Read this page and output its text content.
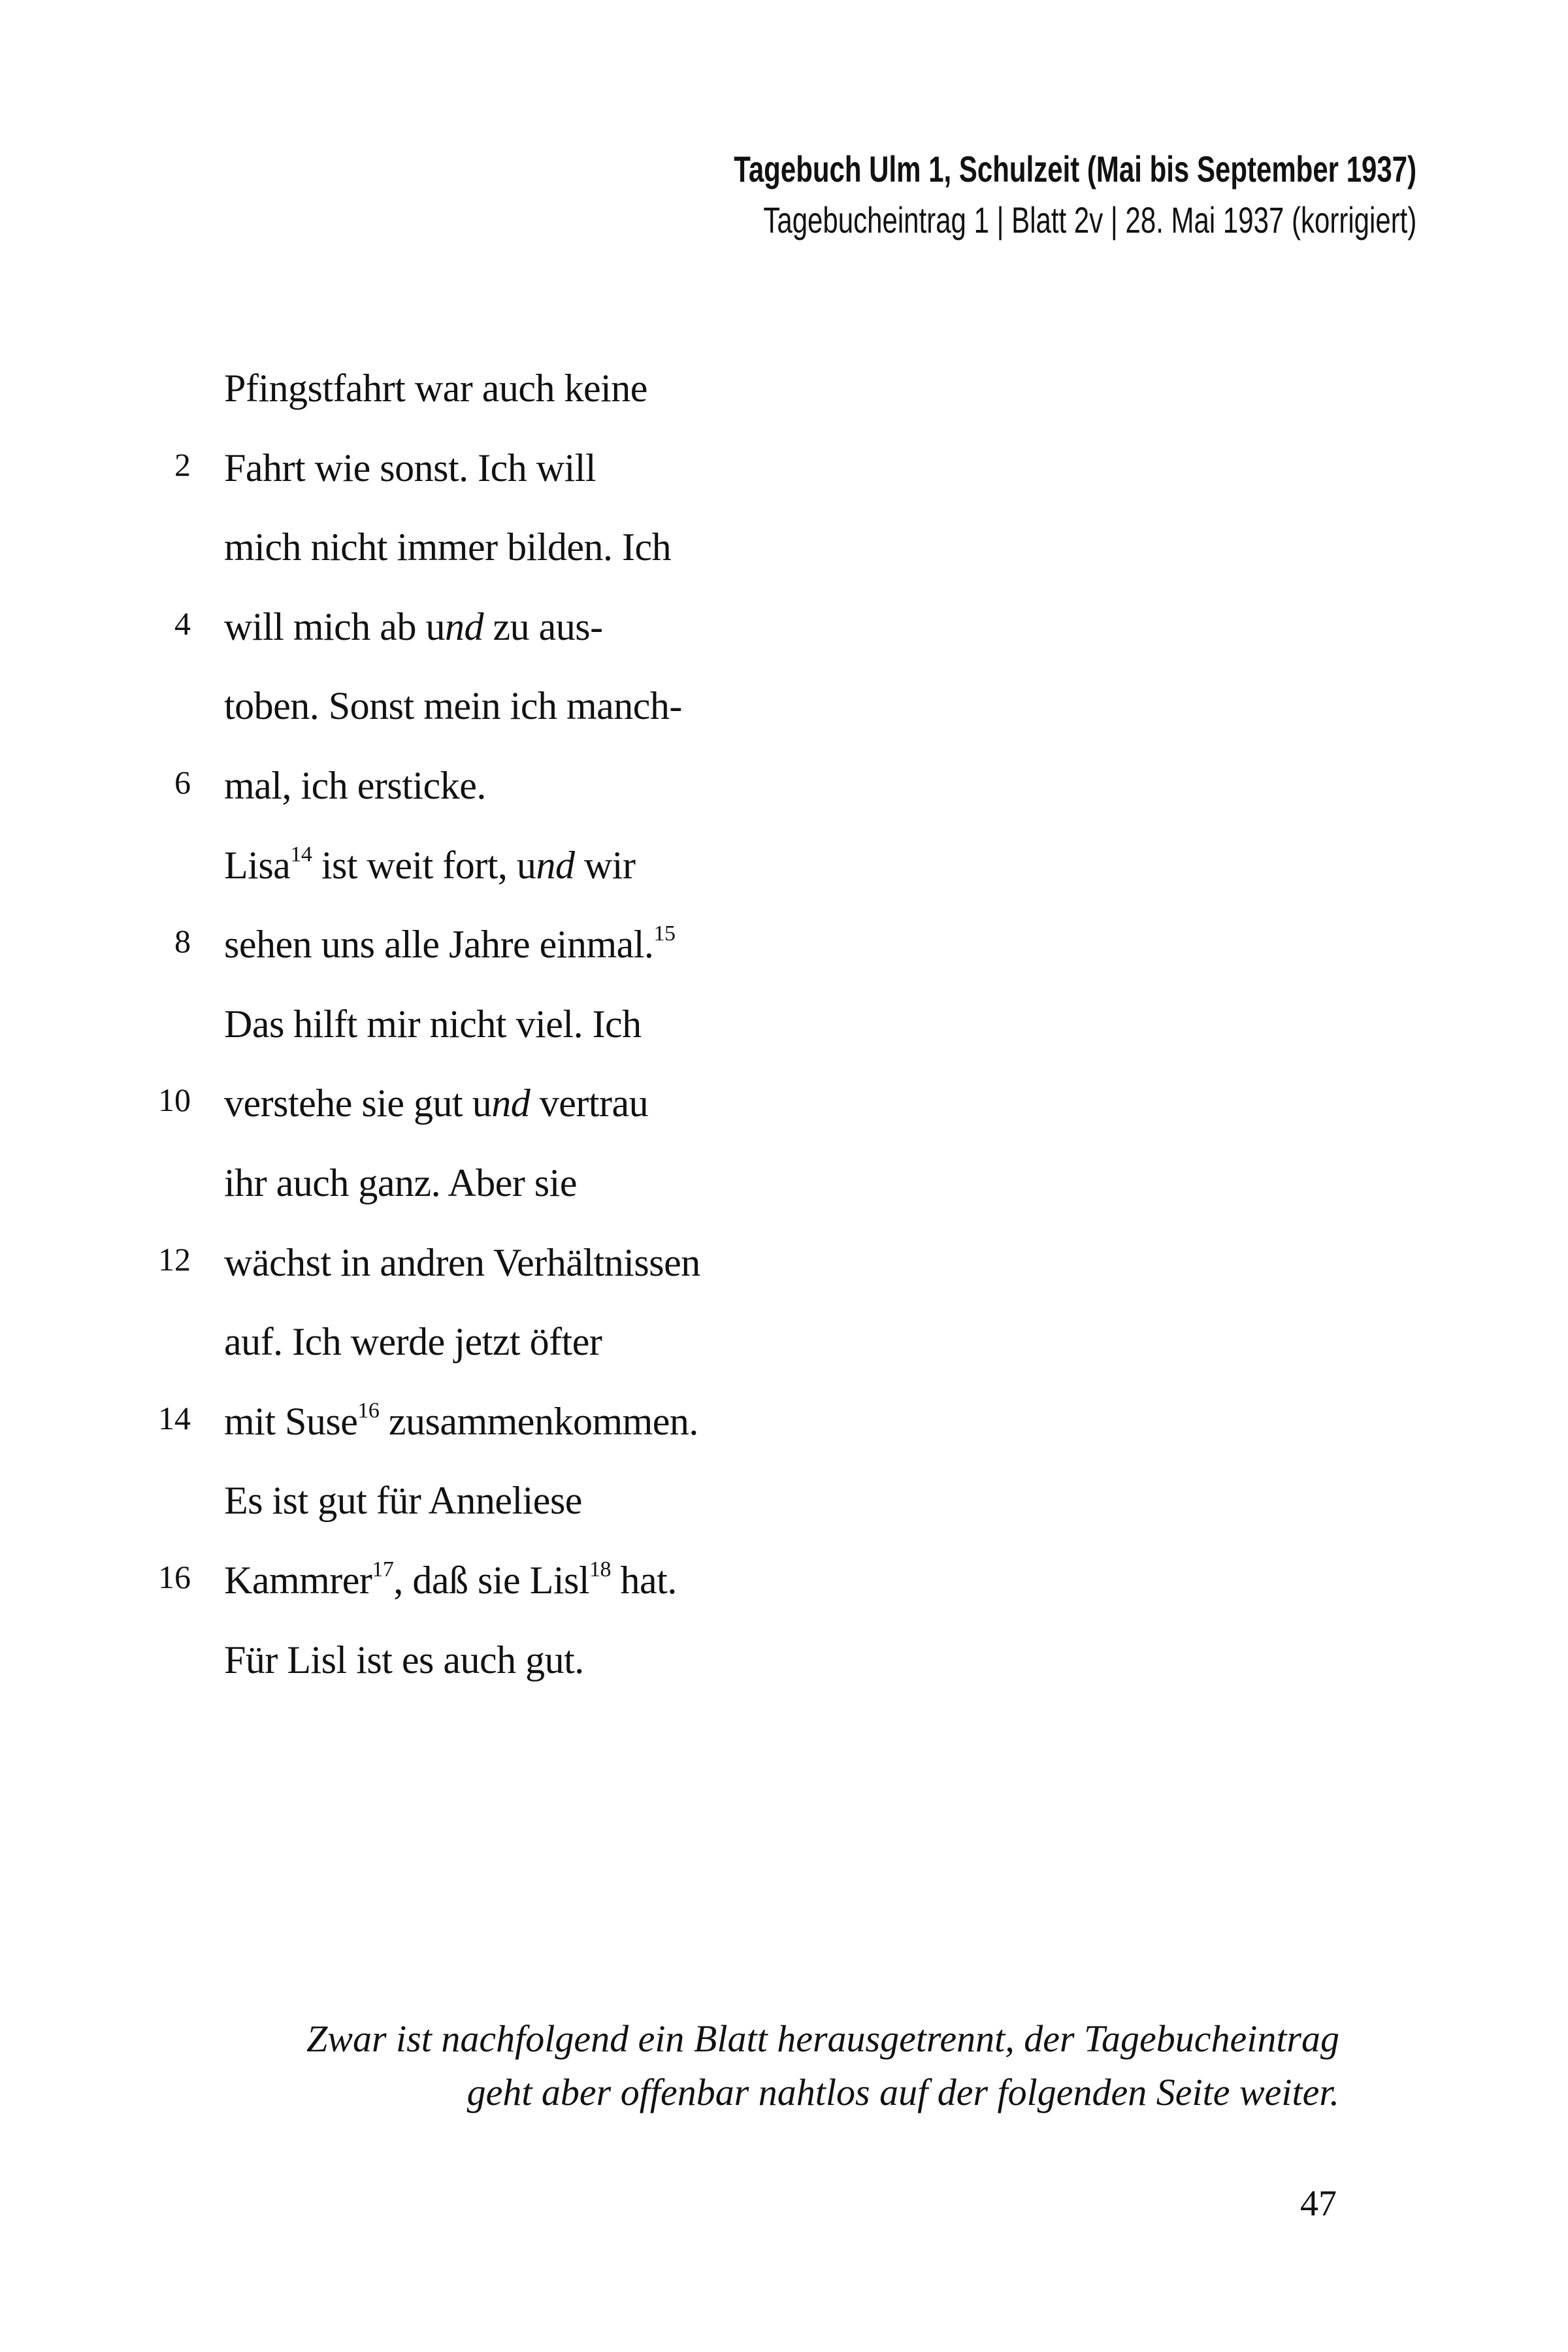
Tagebuch Ulm 1, Schulzeit (Mai bis September 1937)
Tagebucheintrag 1 | Blatt 2v | 28. Mai 1937 (korrigiert)
Pfingstfahrt war auch keine
2 Fahrt wie sonst. Ich will
mich nicht immer bilden. Ich
4 will mich ab und zu aus-
toben. Sonst mein ich manch-
6 mal, ich ersticke.
Lisa$^{14}$ ist weit fort, und wir
8 sehen uns alle Jahre einmal.$^{15}$
Das hilft mir nicht viel. Ich
10 verstehe sie gut und vertrau
ihr auch ganz. Aber sie
12 wächst in andren Verhältnissen
auf. Ich werde jetzt öfter
14 mit Suse$^{16}$ zusammenkommen.
Es ist gut für Anneliese
16 Kammrer$^{17}$, daß sie Lisl$^{18}$ hat.
Für Lisl ist es auch gut.
Zwar ist nachfolgend ein Blatt herausgetrennt, der Tagebucheintrag
geht aber offenbar nahtlos auf der folgenden Seite weiter.
47
